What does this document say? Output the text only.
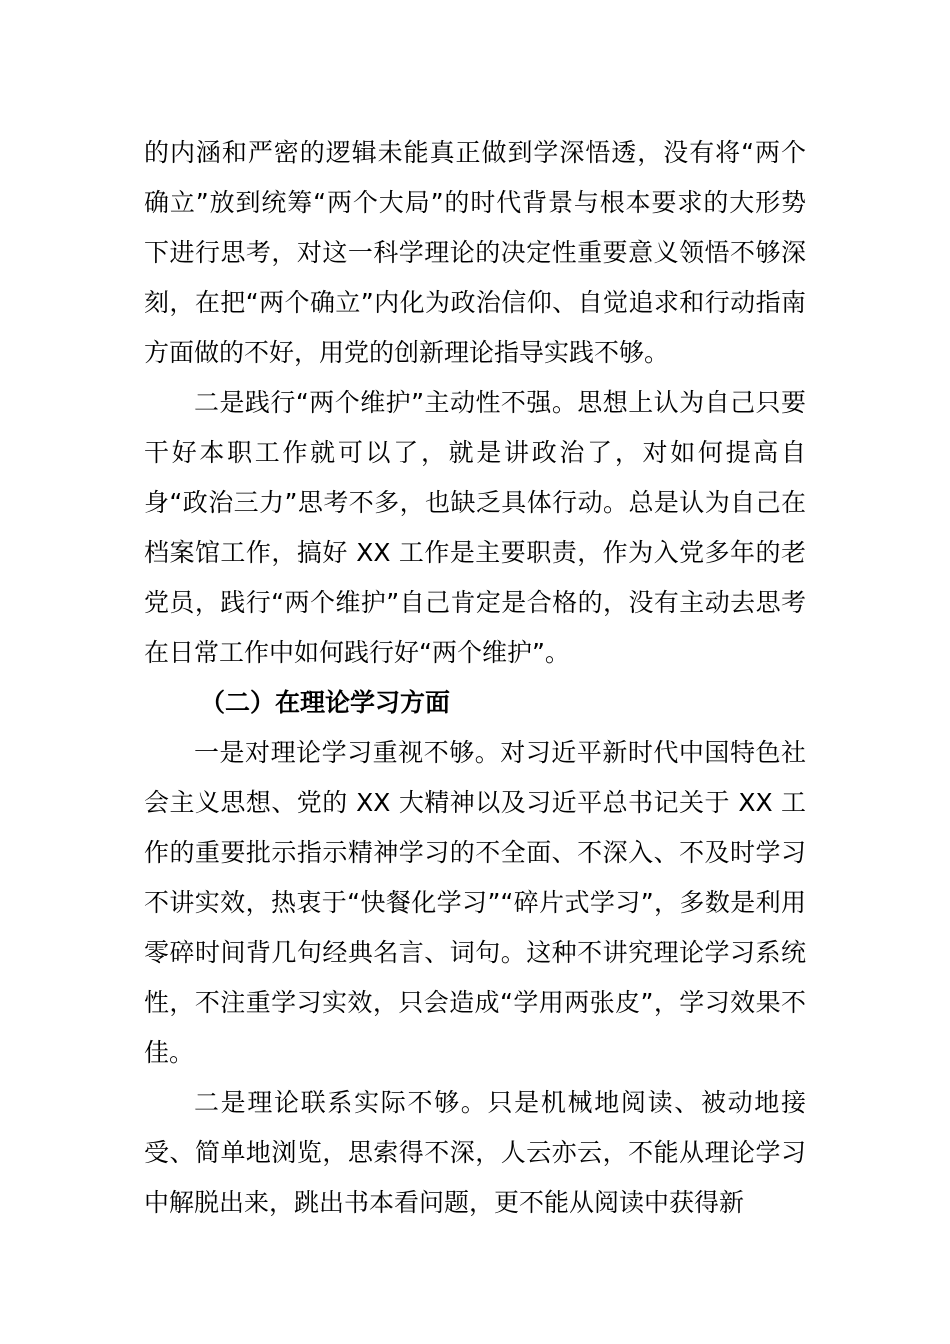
的内涵和严密的逻辑未能真正做到学深悟透，没有将“两个确立”放到统筹“两个大局”的时代背景与根本要求的大形势下进行思考，对这一科学理论的决定性重要意义领悟不够深刻，在把“两个确立”内化为政治信仰、自觉追求和行动指南方面做的不好，用党的创新理论指导实践不够。

二是践行“两个维护”主动性不强。思想上认为自己只要干好本职工作就可以了，就是讲政治了，对如何提高自身“政治三力”思考不多，也缺乏具体行动。总是认为自己在档案馆工作，搞好 XX 工作是主要职责，作为入党多年的老党员，践行“两个维护”自己肯定是合格的，没有主动去思考在日常工作中如何践行好“两个维护”。

（二）在理论学习方面

一是对理论学习重视不够。对习近平新时代中国特色社会主义思想、党的 XX 大精神以及习近平总书记关于 XX 工作的重要批示指示精神学习的不全面、不深入、不及时学习不讲实效，热衷于“快餐化学习”“碎片式学习”，多数是利用零碎时间背几句经典名言、词句。这种不讲究理论学习系统性，不注重学习实效，只会造成“学用两张皮”，学习效果不佳。

二是理论联系实际不够。只是机械地阅读、被动地接受、简单地浏览，思索得不深，人云亦云，不能从理论学习中解脱出来，跳出书本看问题，更不能从阅读中获得新
